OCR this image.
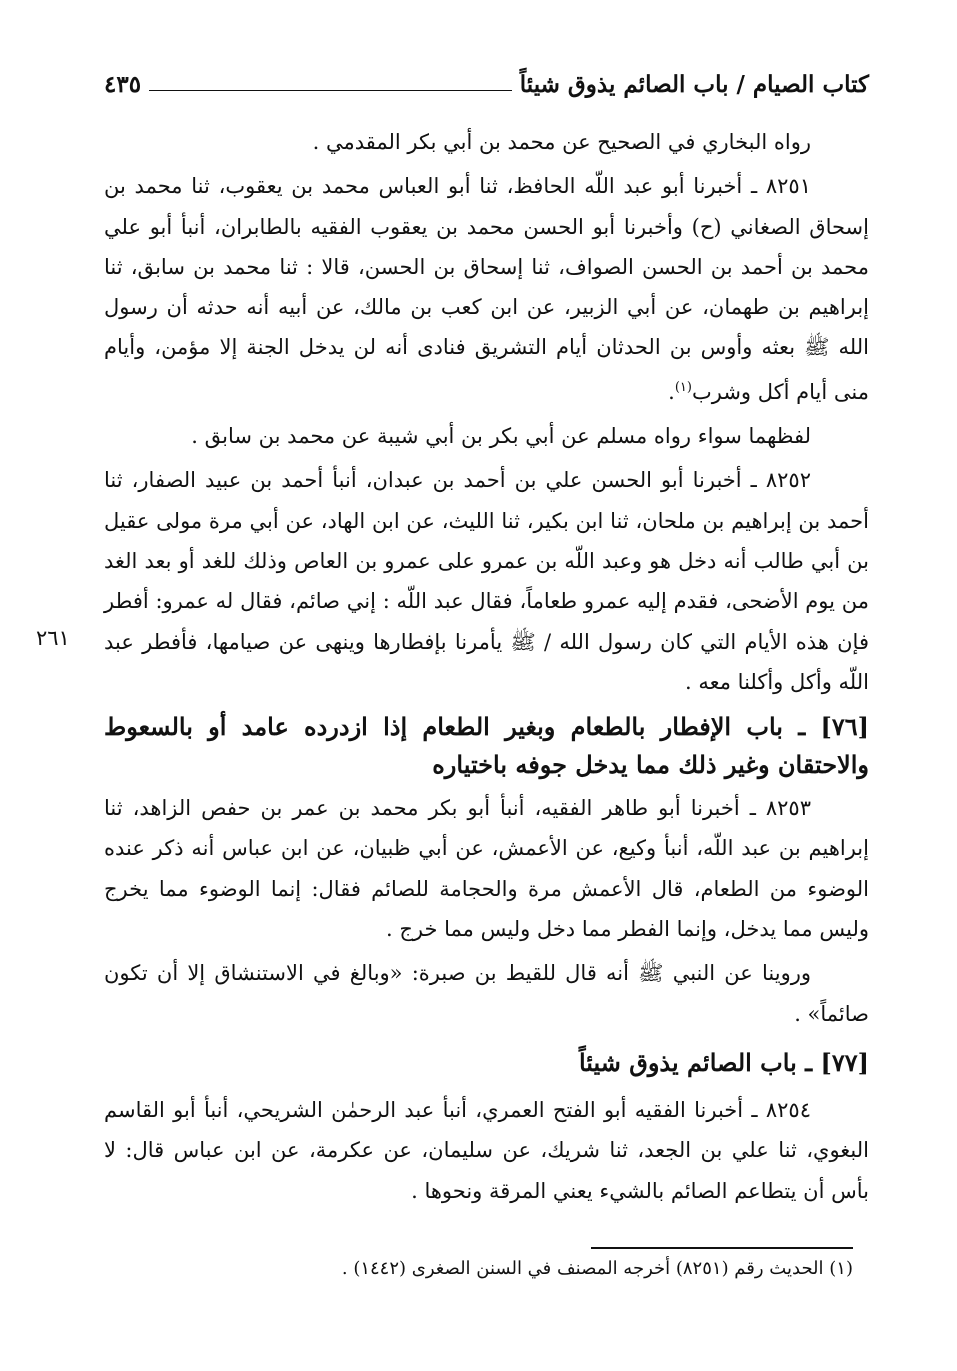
كتاب الصيام / باب الصائم يذوق شيئاً
٤٣٥

رواه البخاري في الصحيح عن محمد بن أبي بكر المقدمي .

٨٢٥١ ـ أخبرنا أبو عبد اللّه الحافظ، ثنا أبو العباس محمد بن يعقوب، ثنا محمد بن إسحاق الصغاني (ح) وأخبرنا أبو الحسن محمد بن يعقوب الفقيه بالطابران، أنبأ أبو علي محمد بن أحمد بن الحسن الصواف، ثنا إسحاق بن الحسن، قالا : ثنا محمد بن سابق، ثنا إبراهيم بن طهمان، عن أبي الزبير، عن ابن كعب بن مالك، عن أبيه أنه حدثه أن رسول الله ﷺ بعثه وأوس بن الحدثان أيام التشريق فنادى أنه لن يدخل الجنة إلا مؤمن، وأيام منى أيام أكل وشرب$^{(١)}$.

لفظهما سواء رواه مسلم عن أبي بكر بن أبي شيبة عن محمد بن سابق .

٨٢٥٢ ـ أخبرنا أبو الحسن علي بن أحمد بن عبدان، أنبأ أحمد بن عبيد الصفار، ثنا أحمد بن إبراهيم بن ملحان، ثنا ابن بكير، ثنا الليث، عن ابن الهاد، عن أبي مرة مولى عقيل بن أبي طالب أنه دخل هو وعبد اللّه بن عمرو على عمرو بن العاص وذلك للغد أو بعد الغد من يوم الأضحى، فقدم إليه عمرو طعاماً، فقال عبد اللّه : إني صائم، فقال له عمرو: أفطر فإن هذه الأيام التي كان رسول الله / ﷺ يأمرنا بإفطارها وينهى عن صيامها، فأفطر عبد اللّه وأكل وأكلنا معه .

[٧٦] ـ باب الإفطار بالطعام وبغير الطعام إذا ازدرده عامد أو بالسعوط
والاحتقان وغير ذلك مما يدخل جوفه باختياره

٨٢٥٣ ـ أخبرنا أبو طاهر الفقيه، أنبأ أبو بكر محمد بن عمر بن حفص الزاهد، ثنا إبراهيم بن عبد اللّه، أنبأ وكيع، عن الأعمش، عن أبي ظبيان، عن ابن عباس أنه ذكر عنده الوضوء من الطعام، قال الأعمش مرة والحجامة للصائم فقال: إنما الوضوء مما يخرج وليس مما يدخل، وإنما الفطر مما دخل وليس مما خرج .

وروينا عن النبي ﷺ أنه قال للقيط بن صبرة: «وبالغ في الاستنشاق إلا أن تكون صائماً» .

[٧٧] ـ باب الصائم يذوق شيئاً

٨٢٥٤ ـ أخبرنا الفقيه أبو الفتح العمري، أنبأ عبد الرحمٰن الشريحي، أنبأ أبو القاسم البغوي، ثنا علي بن الجعد، ثنا شريك، عن سليمان، عن عكرمة، عن ابن عباس قال: لا بأس أن يتطاعم الصائم بالشيء يعني المرقة ونحوها .

٢٦١
(١) الحديث رقم (٨٢٥١) أخرجه المصنف في السنن الصغرى (١٤٤٢) .
